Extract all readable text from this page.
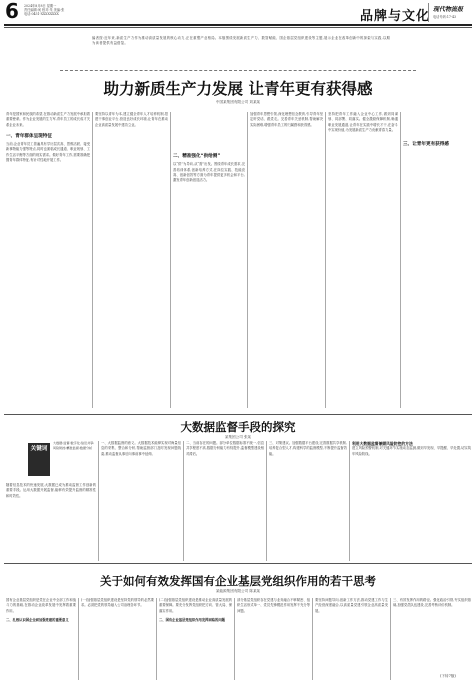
6 2024年8月8日 星期一
责任编辑:何 校对:朱 美编:张
电话:0451-XXXXXXXX	品牌与文化 现代物流报
电话号码:17-43
编者按:近年来,新质生产力作为推动高质量发展的核心动力,正在重塑产业格局。本版围绕发展新质生产力、数智赋能、国企基层党组织建设等主题,展示企业在改革创新中的探索与实践,以期为读者提供有益借鉴。
助力新质生产力发展 让青年更有获得感
中国某集团有限公司 刘某某
青年是国家和民族的希望,在推动新质生产力发展中承担着重要使命。作为企业发展的生力军,青年员工的成长成才关系企业未来。
一、青年群体呈现特征
当前,企业青年员工普遍具有学历层次高、思维活跃、接受新事物能力强等特点,同时也面临成长通道、职业规划、工作生活平衡等方面的现实需求。做好青年工作,需要准确把握青年群体特征,有针对性地开展工作。
要坚持以青年为本,建立健全青年人才培养机制,搭建干事创业平台,营造良好成长环境,让青年在推动企业高质量发展中建功立业。
二、精准强化“供给侧”
以“供”为导向,从“需”出发。围绕青年成长需求,完善培训体系,创新培养方式,在岗位实践、技能竞赛、创新创效等方面为青年提供更多机会和平台,激发青年创新创造活力。
加强青年思想引领,深化理想信念教育,引导青年坚定听党话、跟党走。完善青年关爱机制,帮助解决实际困难,增强青年员工的归属感和获得感。
坚持把青年工作融入企业中心工作,做到同谋划、同部署、同落实。健全激励保障机制,畅通职业发展通道,让青年在实践中增长才干,在奋斗中实现价值,为发展新质生产力贡献青春力量。
三、让青年更有获得感
大数据监督手段的探究
某集团公司 张某
关键词
大数据;监督;数字化;信息共享;风险防控;精准监督;数据分析
随着信息技术的快速发展,大数据已成为推动监督工作创新的重要手段。运用大数据开展监督,能够有效提升监督的精准性和时效性。
一、大数据监督的意义。大数据技术能够实现对海量信息的采集、整合和分析,帮助监督部门及时发现问题线索,推动监督从事后向事前事中延伸。
二、当前存在的问题。部分单位数据标准不统一,信息共享程度不高,数据分析能力有待提升,监督模型建设相对滞后。
三、对策建议。加强数据平台建设,完善数据共享机制,培养复合型人才,构建科学的监督模型,不断提升监督效能。
利用大数据监督兼顾风险防控的方法
建立风险预警机制,对关键环节实施动态监测,做到早发现、早提醒、早处置,切实筑牢风险防线。
关于如何有效发挥国有企业基层党组织作用的若干思考
某能源集团有限公司 陈某某
国有企业基层党组织是党在企业中全部工作和战斗力的基础,在推动企业改革发展中发挥着重要作用。
二、扎根认识国企全面加强党建的重要意义
(一)加强基层党组织建设是坚持党的领导的必然要求。必须把党的领导融入公司治理各环节。
(二)加强基层党组织建设是推动企业高质量发展的重要保障。要充分发挥党组织把方向、管大局、保落实作用。
二、国有企业基层党组织作用发挥面临的问题
部分基层党组织存在党建与业务融合不够紧密、组织生活形式单一、党员先锋模范作用发挥不充分等问题。
要坚持问题导向,创新工作方法,推动党建工作与生产经营深度融合,以高质量党建引领企业高质量发展。
三、有效发挥作用的路径。强化政治引领,夯实组织基础,加强党员队伍建设,完善考核评价机制。
(下转7版)
